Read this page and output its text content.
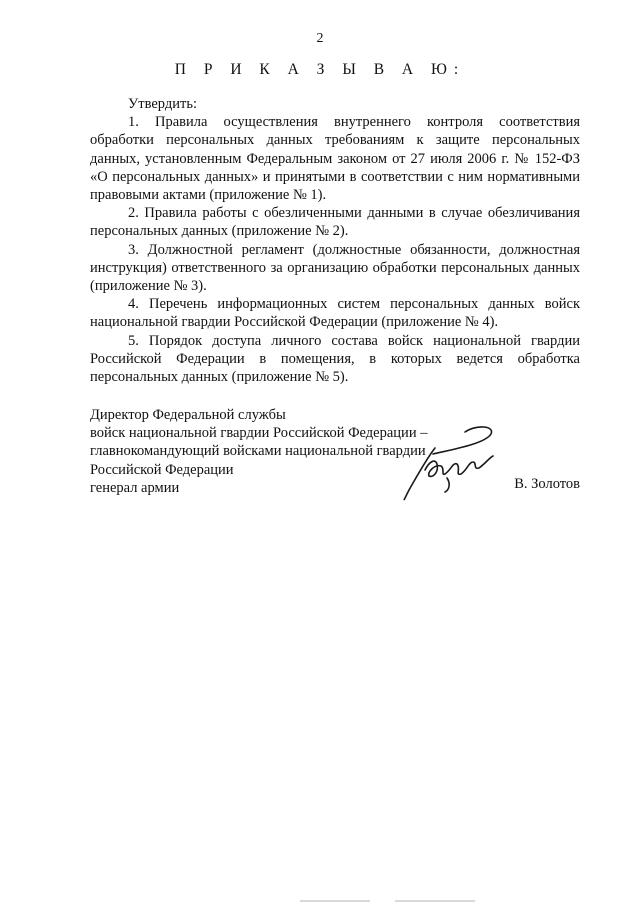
2
П Р И К А З Ы В А Ю:

Утвердить:

1. Правила осуществления внутреннего контроля соответствия обработки персональных данных требованиям к защите персональных данных, установленным Федеральным законом от 27 июля 2006 г. № 152-ФЗ «О персональных данных» и принятыми в соответствии с ним нормативными правовыми актами (приложение № 1).

2. Правила работы с обезличенными данными в случае обезличивания персональных данных (приложение № 2).

3. Должностной регламент (должностные обязанности, должностная инструкция) ответственного за организацию обработки персональных данных (приложение № 3).

4. Перечень информационных систем персональных данных войск национальной гвардии Российской Федерации (приложение № 4).

5. Порядок доступа личного состава войск национальной гвардии Российской Федерации в помещения, в которых ведется обработка персональных данных (приложение № 5).

Директор Федеральной службы
войск национальной гвардии Российской Федерации –
главнокомандующий войсками национальной гвардии
Российской Федерации
генерал армии	В. Золотов
